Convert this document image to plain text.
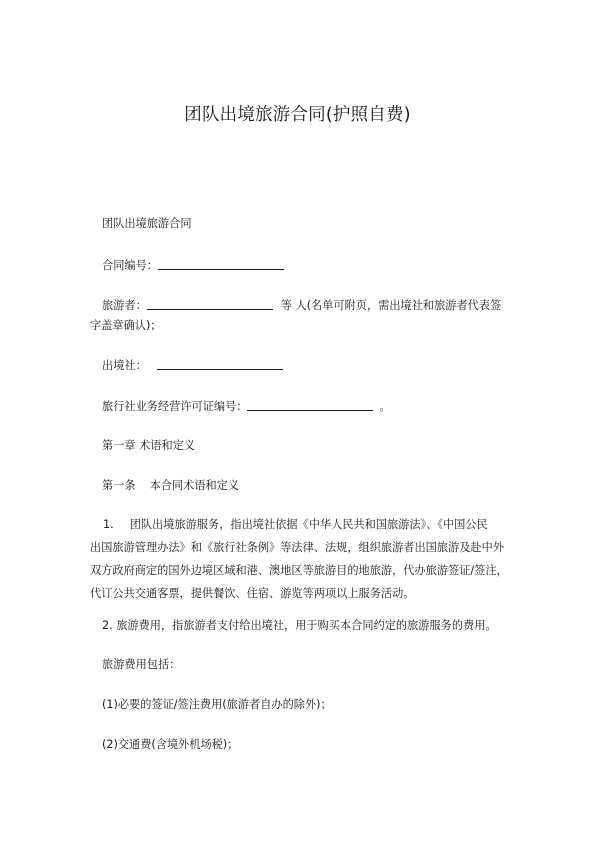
团队出境旅游合同(护照自费)
团队出境旅游合同
合同编号：
旅游者：	等 人(名单可附页，需出境社和旅游者代表签
字盖章确认)；
出境社：
旅行社业务经营许可证编号：	。
第一章 术语和定义
第一条 本合同术语和定义
1. 团队出境旅游服务，指出境社依据《中华人民共和国旅游法》、《中国公民
出国旅游管理办法》和《旅行社条例》等法律、法规，组织旅游者出国旅游及赴中外
双方政府商定的国外边境区域和港、澳地区等旅游目的地旅游，代办旅游签证/签注，
代订公共交通客票，提供餐饮、住宿、游览等两项以上服务活动。
2. 旅游费用，指旅游者支付给出境社，用于购买本合同约定的旅游服务的费用。
旅游费用包括：
(1)必要的签证/签注费用(旅游者自办的除外)；
(2)交通费(含境外机场税)；
